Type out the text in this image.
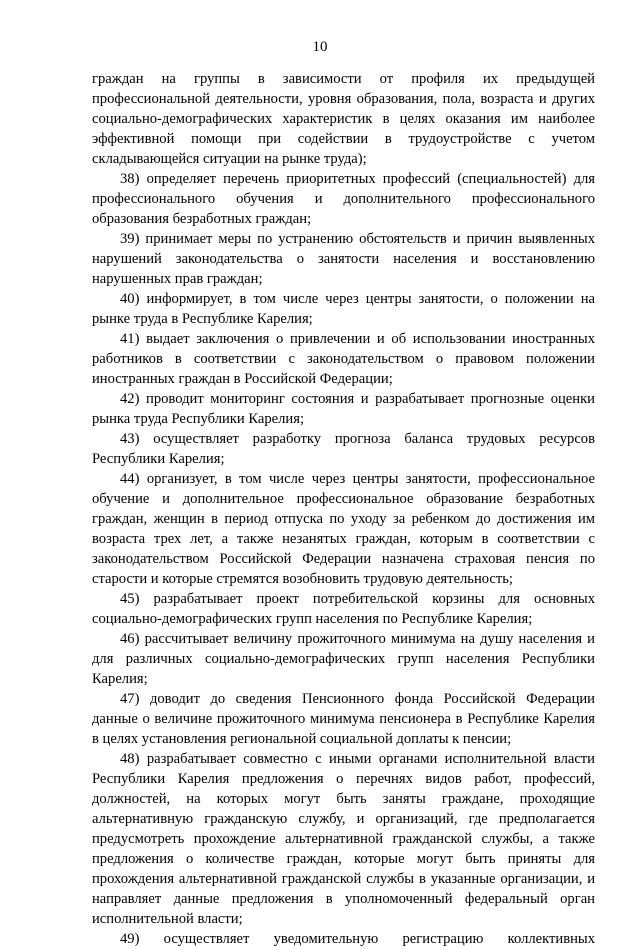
10

граждан на группы в зависимости от профиля их предыдущей профессиональной деятельности, уровня образования, пола, возраста и других социально-демографических характеристик в целях оказания им наиболее эффективной помощи при содействии в трудоустройстве с учетом складывающейся ситуации на рынке труда);

38) определяет перечень приоритетных профессий (специальностей) для профессионального обучения и дополнительного профессионального образования безработных граждан;

39) принимает меры по устранению обстоятельств и причин выявленных нарушений законодательства о занятости населения и восстановлению нарушенных прав граждан;

40) информирует, в том числе через центры занятости, о положении на рынке труда в Республике Карелия;

41) выдает заключения о привлечении и об использовании иностранных работников в соответствии с законодательством о правовом положении иностранных граждан в Российской Федерации;

42) проводит мониторинг состояния и разрабатывает прогнозные оценки рынка труда Республики Карелия;

43) осуществляет разработку прогноза баланса трудовых ресурсов Республики Карелия;

44) организует, в том числе через центры занятости, профессиональное обучение и дополнительное профессиональное образование безработных граждан, женщин в период отпуска по уходу за ребенком до достижения им возраста трех лет, а также незанятых граждан, которым в соответствии с законодательством Российской Федерации назначена страховая пенсия по старости и которые стремятся возобновить трудовую деятельность;

45) разрабатывает проект потребительской корзины для основных социально-демографических групп населения по Республике Карелия;

46) рассчитывает величину прожиточного минимума на душу населения и для различных социально-демографических групп населения Республики Карелия;

47) доводит до сведения Пенсионного фонда Российской Федерации данные о величине прожиточного минимума пенсионера в Республике Карелия в целях установления региональной социальной доплаты к пенсии;

48) разрабатывает совместно с иными органами исполнительной власти Республики Карелия предложения о перечнях видов работ, профессий, должностей, на которых могут быть заняты граждане, проходящие альтернативную гражданскую службу, и организаций, где предполагается предусмотреть прохождение альтернативной гражданской службы, а также предложения о количестве граждан, которые могут быть приняты для прохождения альтернативной гражданской службы в указанные организации, и направляет данные предложения в уполномоченный федеральный орган исполнительной власти;

49) осуществляет уведомительную регистрацию коллективных
